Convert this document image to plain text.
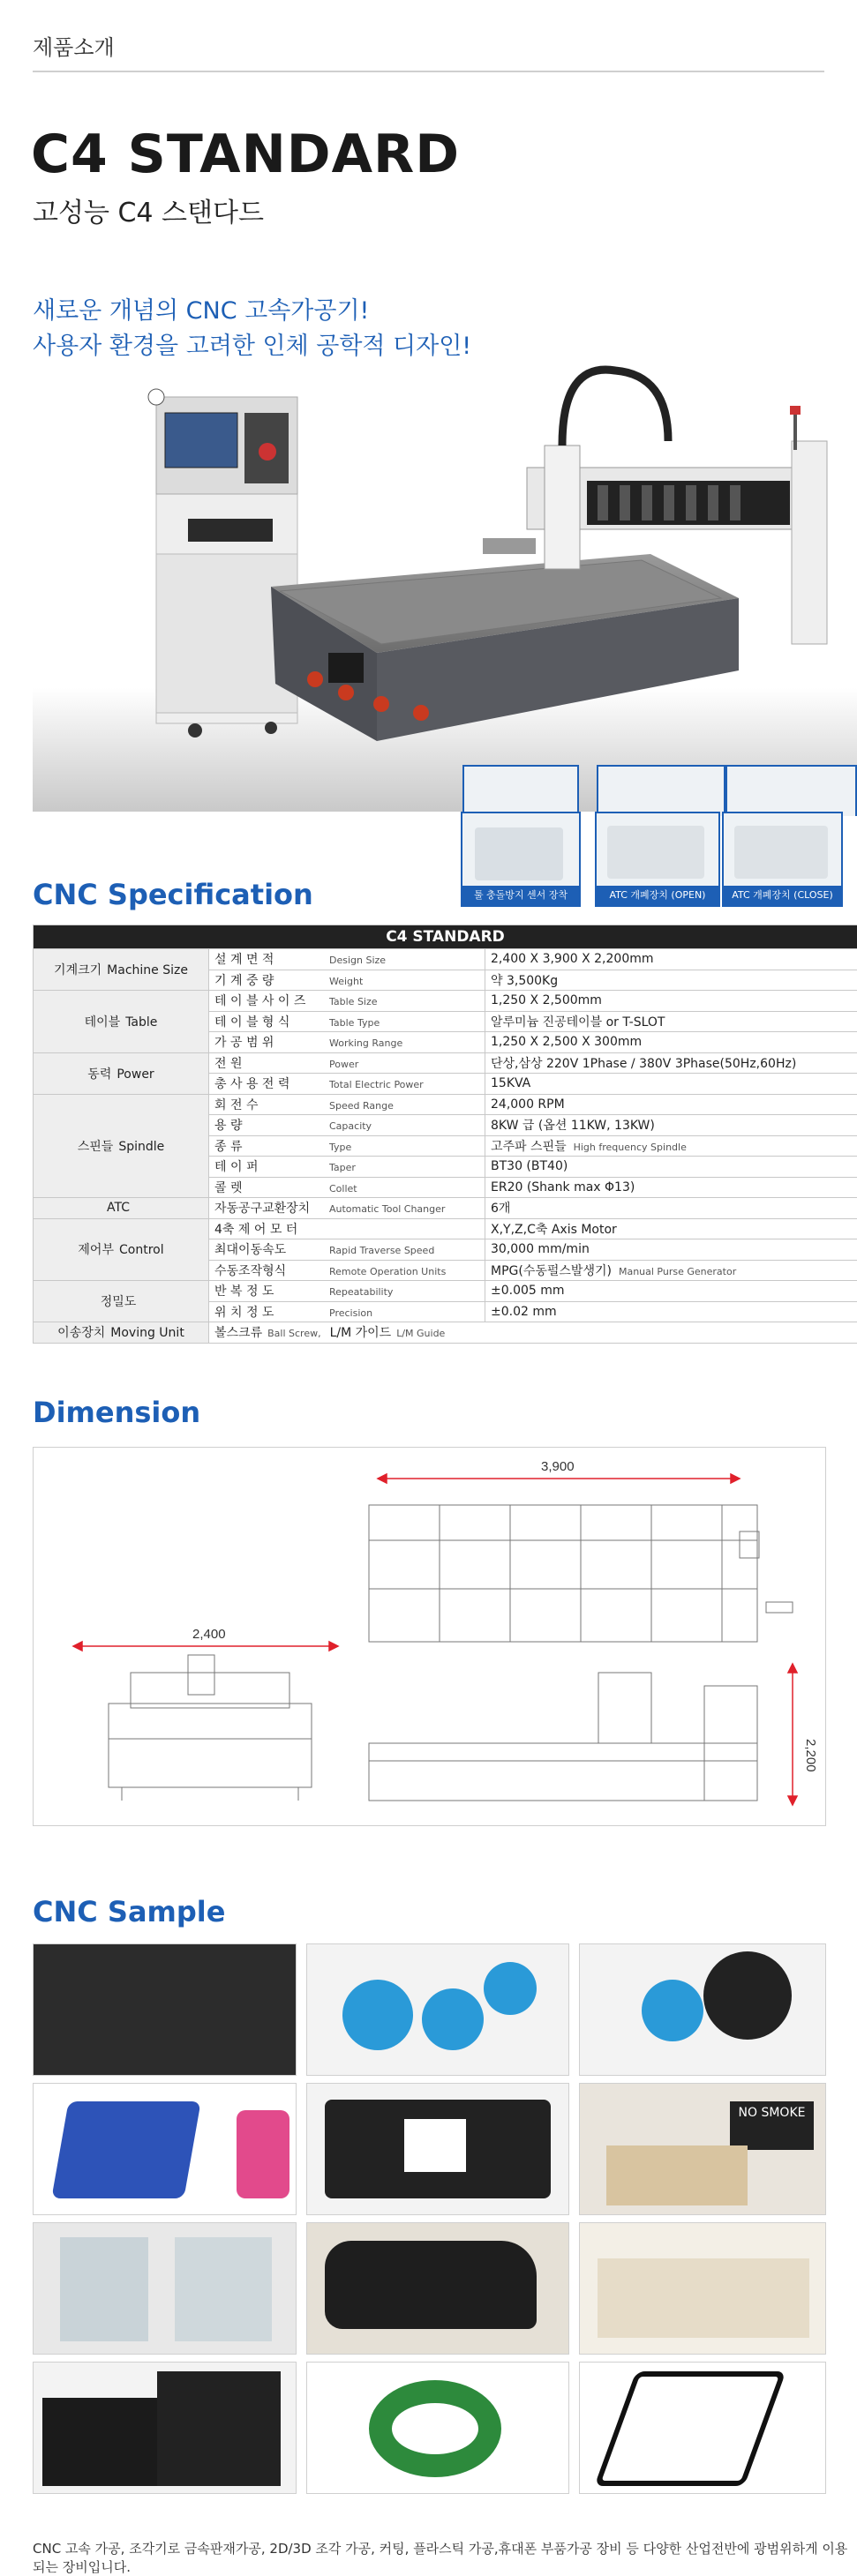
제품소개
C4 STANDARD
고성능 C4 스탠다드
새로운 개념의 CNC 고속가공기!
사용자 환경을 고려한 인체 공학적 디자인!
툴 충돌방지 센서 장착	ATC 개폐장치 (OPEN)	ATC 개폐장치 (CLOSE)
CNC Specification
C4 STANDARD		
기계크기 Machine Size	설 계 면 적 Design Size	2,400 X 3,900 X 2,200mm
	기 계 중 량 Weight	약 3,500Kg
테이블 Table	테 이 블 사 이 즈 Table Size	1,250 X 2,500mm
	테 이 블 형 식 Table Type	알루미늄 진공테이블 or T-SLOT
	가 공 범 위 Working Range	1,250 X 2,500 X 300mm
동력 Power	전 원 Power	단상,삼상 220V 1Phase / 380V 3Phase(50Hz,60Hz)
	총 사 용 전 력 Total Electric Power	15KVA
스핀들 Spindle	회 전 수 Speed Range	24,000 RPM
	용 량 Capacity	8KW 급 (옵션 11KW, 13KW)
	종 류 Type	고주파 스핀들 High frequency Spindle
	테 이 퍼 Taper	BT30 (BT40)
	콜 렛 Collet	ER20 (Shank max Φ13)
ATC	자동공구교환장치 Automatic Tool Changer	6개
제어부 Control	4축 제 어 모 터	X,Y,Z,C축 Axis Motor
	최대이동속도 Rapid Traverse Speed	30,000 mm/min
	수동조작형식 Remote Operation Units	MPG(수동펄스발생기) Manual Purse Generator
정밀도	반 복 정 도 Repeatability	±0.005 mm
	위 치 정 도 Precision	±0.02 mm
이송장치 Moving Unit	볼스크류 Ball Screw, L/M 가이드 L/M Guide	
Dimension
3,900
2,400
2,200
CNC Sample
NO SMOKE
CNC 고속 가공, 조각기로 금속판재가공, 2D/3D 조각 가공, 커팅, 플라스틱 가공,휴대폰 부품가공 장비 등 다양한 산업전반에 광범위하게 이용되는 장비입니다.
